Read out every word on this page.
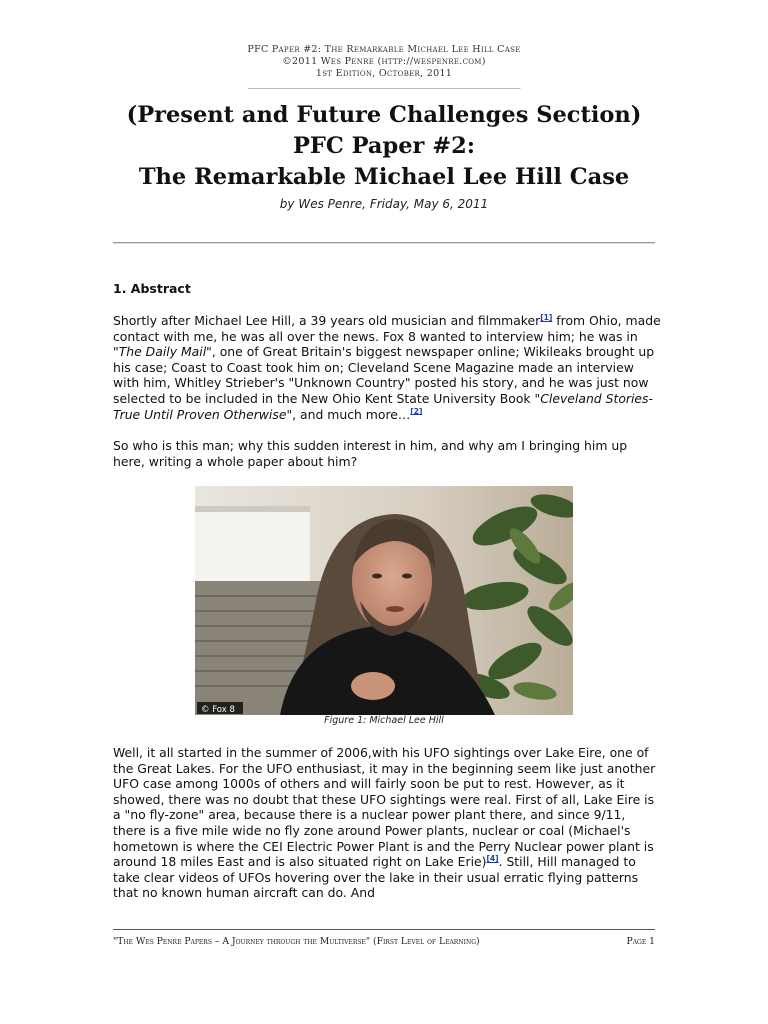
PFC Paper #2: The Remarkable Michael Lee Hill Case
©2011 Wes Penre (http://wespenre.com)
1st Edition, October, 2011
________________________________________________________________
(Present and Future Challenges Section)
PFC Paper #2:
The Remarkable Michael Lee Hill Case
by Wes Penre, Friday, May 6, 2011
1. Abstract
Shortly after Michael Lee Hill, a 39 years old musician and filmmaker[1] from Ohio, made contact with me, he was all over the news. Fox 8 wanted to interview him; he was in "The Daily Mail", one of Great Britain's biggest newspaper online; Wikileaks brought up his case; Coast to Coast took him on; Cleveland Scene Magazine made an interview with him, Whitley Strieber's "Unknown Country" posted his story, and he was just now selected to be included in the New Ohio Kent State University Book "Cleveland Stories- True Until Proven Otherwise", and much more…[2]
So who is this man; why this sudden interest in him, and why am I bringing him up here, writing a whole paper about him?
© Fox 8
Figure 1: Michael Lee Hill
Well, it all started in the summer of 2006,with his UFO sightings over Lake Eire, one of the Great Lakes. For the UFO enthusiast, it may in the beginning seem like just another UFO case among 1000s of others and will fairly soon be put to rest. However, as it showed, there was no doubt that these UFO sightings were real. First of all, Lake Eire is a "no fly-zone" area, because there is a nuclear power plant there, and since 9/11, there is a five mile wide no fly zone around Power plants, nuclear or coal (Michael's hometown is where the CEI Electric Power Plant is and the Perry Nuclear power plant is around 18 miles East and is also situated right on Lake Erie)[4]. Still, Hill managed to take clear videos of UFOs hovering over the lake in their usual erratic flying patterns that no known human aircraft can do. And
"The Wes Penre Papers – A Journey through the Multiverse" (First Level of Learning)	Page 1
